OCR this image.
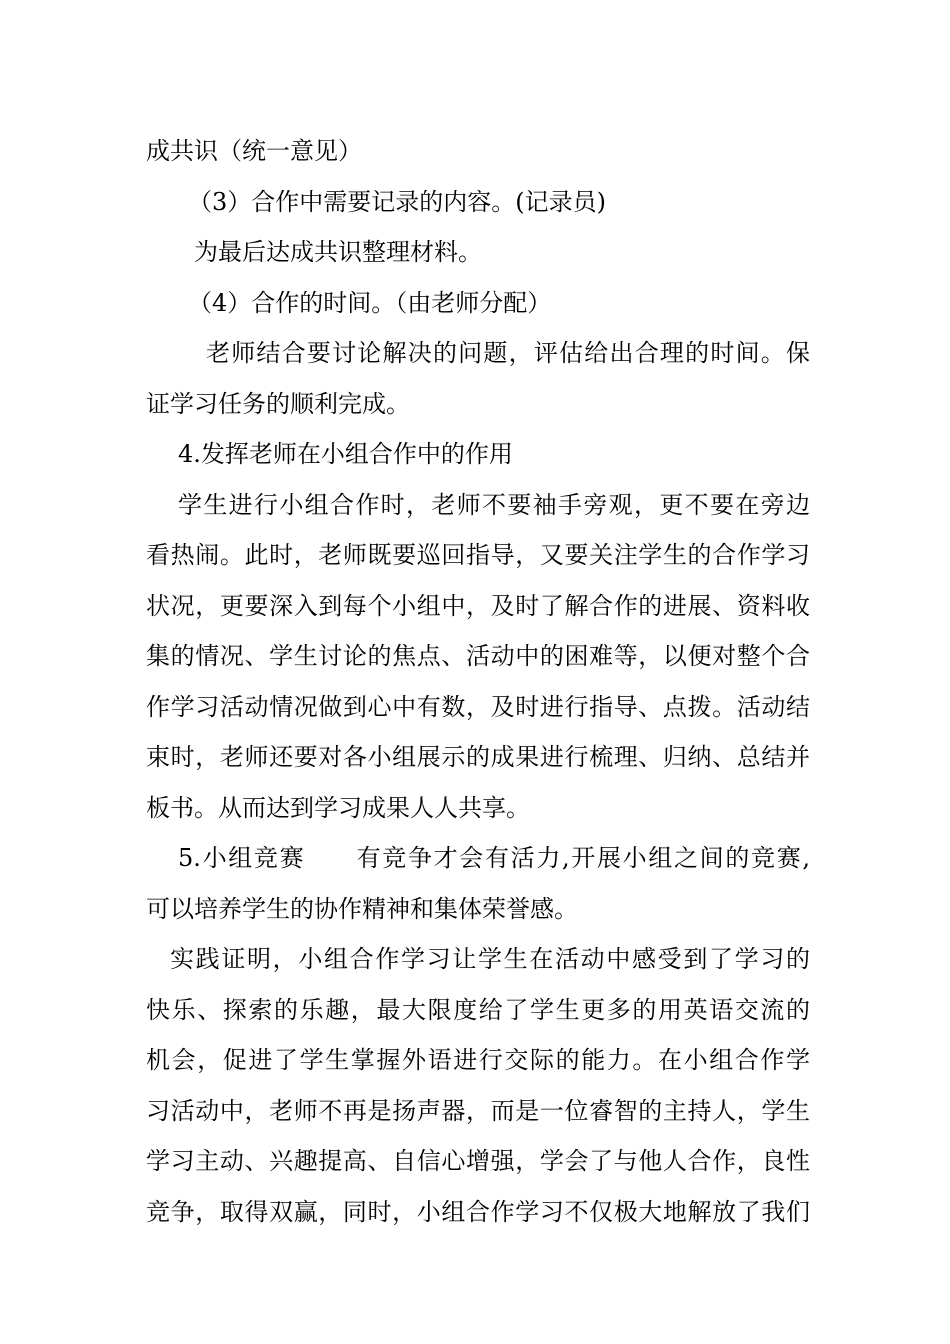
成共识（统一意见）
（3）合作中需要记录的内容。(记录员)
为最后达成共识整理材料。
（4）合作的时间。（由老师分配）
老师结合要讨论解决的问题，评估给出合理的时间。保
证学习任务的顺利完成。
4.发挥老师在小组合作中的作用
学生进行小组合作时，老师不要袖手旁观，更不要在旁边
看热闹。此时，老师既要巡回指导，又要关注学生的合作学习
状况，更要深入到每个小组中，及时了解合作的进展、资料收
集的情况、学生讨论的焦点、活动中的困难等，以便对整个合
作学习活动情况做到心中有数，及时进行指导、点拨。活动结
束时，老师还要对各小组展示的成果进行梳理、归纳、总结并
板书。从而达到学习成果人人共享。
5.小组竞赛　　有竞争才会有活力,开展小组之间的竞赛,
可以培养学生的协作精神和集体荣誉感。
实践证明，小组合作学习让学生在活动中感受到了学习的
快乐、探索的乐趣，最大限度给了学生更多的用英语交流的
机会，促进了学生掌握外语进行交际的能力。在小组合作学
习活动中，老师不再是扬声器，而是一位睿智的主持人，学生
学习主动、兴趣提高、自信心增强，学会了与他人合作，良性
竞争，取得双赢，同时，小组合作学习不仅极大地解放了我们
